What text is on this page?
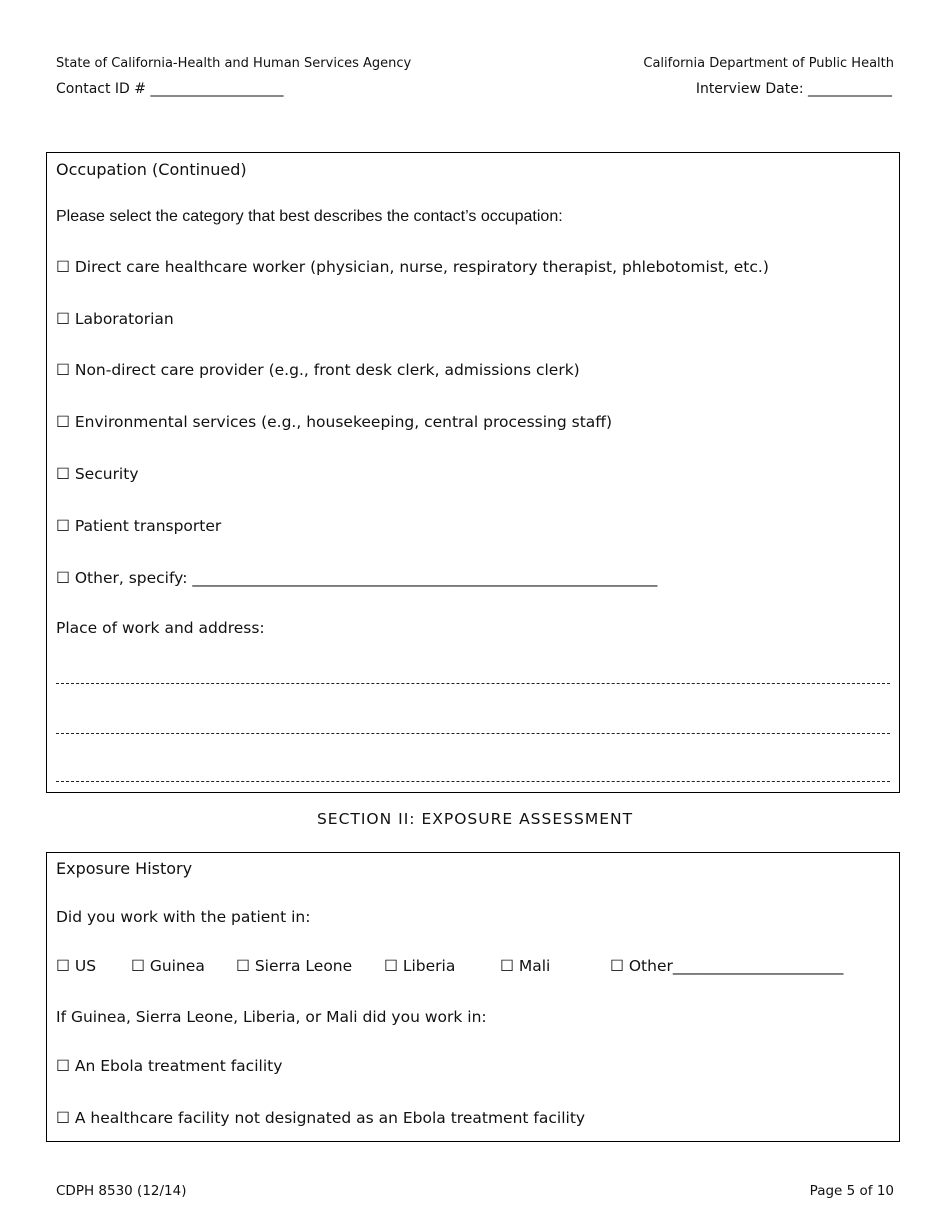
State of California-Health and Human Services Agency	California Department of Public Health
Contact ID # ___________________	Interview Date: ____________
Occupation (Continued)
Please select the category that best describes the contact’s occupation:
☐ Direct care healthcare worker (physician, nurse, respiratory therapist, phlebotomist, etc.)
☐ Laboratorian
☐ Non-direct care provider (e.g., front desk clerk, admissions clerk)
☐ Environmental services (e.g., housekeeping, central processing staff)
☐ Security
☐ Patient transporter
☐ Other, specify: ____________________________________________________________
Place of work and address:
SECTION II: EXPOSURE ASSESSMENT
Exposure History
Did you work with the patient in:
☐ US ☐ Guinea ☐ Sierra Leone ☐ Liberia	☐ Mali	☐ Other______________________
If Guinea, Sierra Leone, Liberia, or Mali did you work in:
☐ An Ebola treatment facility
☐ A healthcare facility not designated as an Ebola treatment facility
CDPH 8530 (12/14)	Page 5 of 10
